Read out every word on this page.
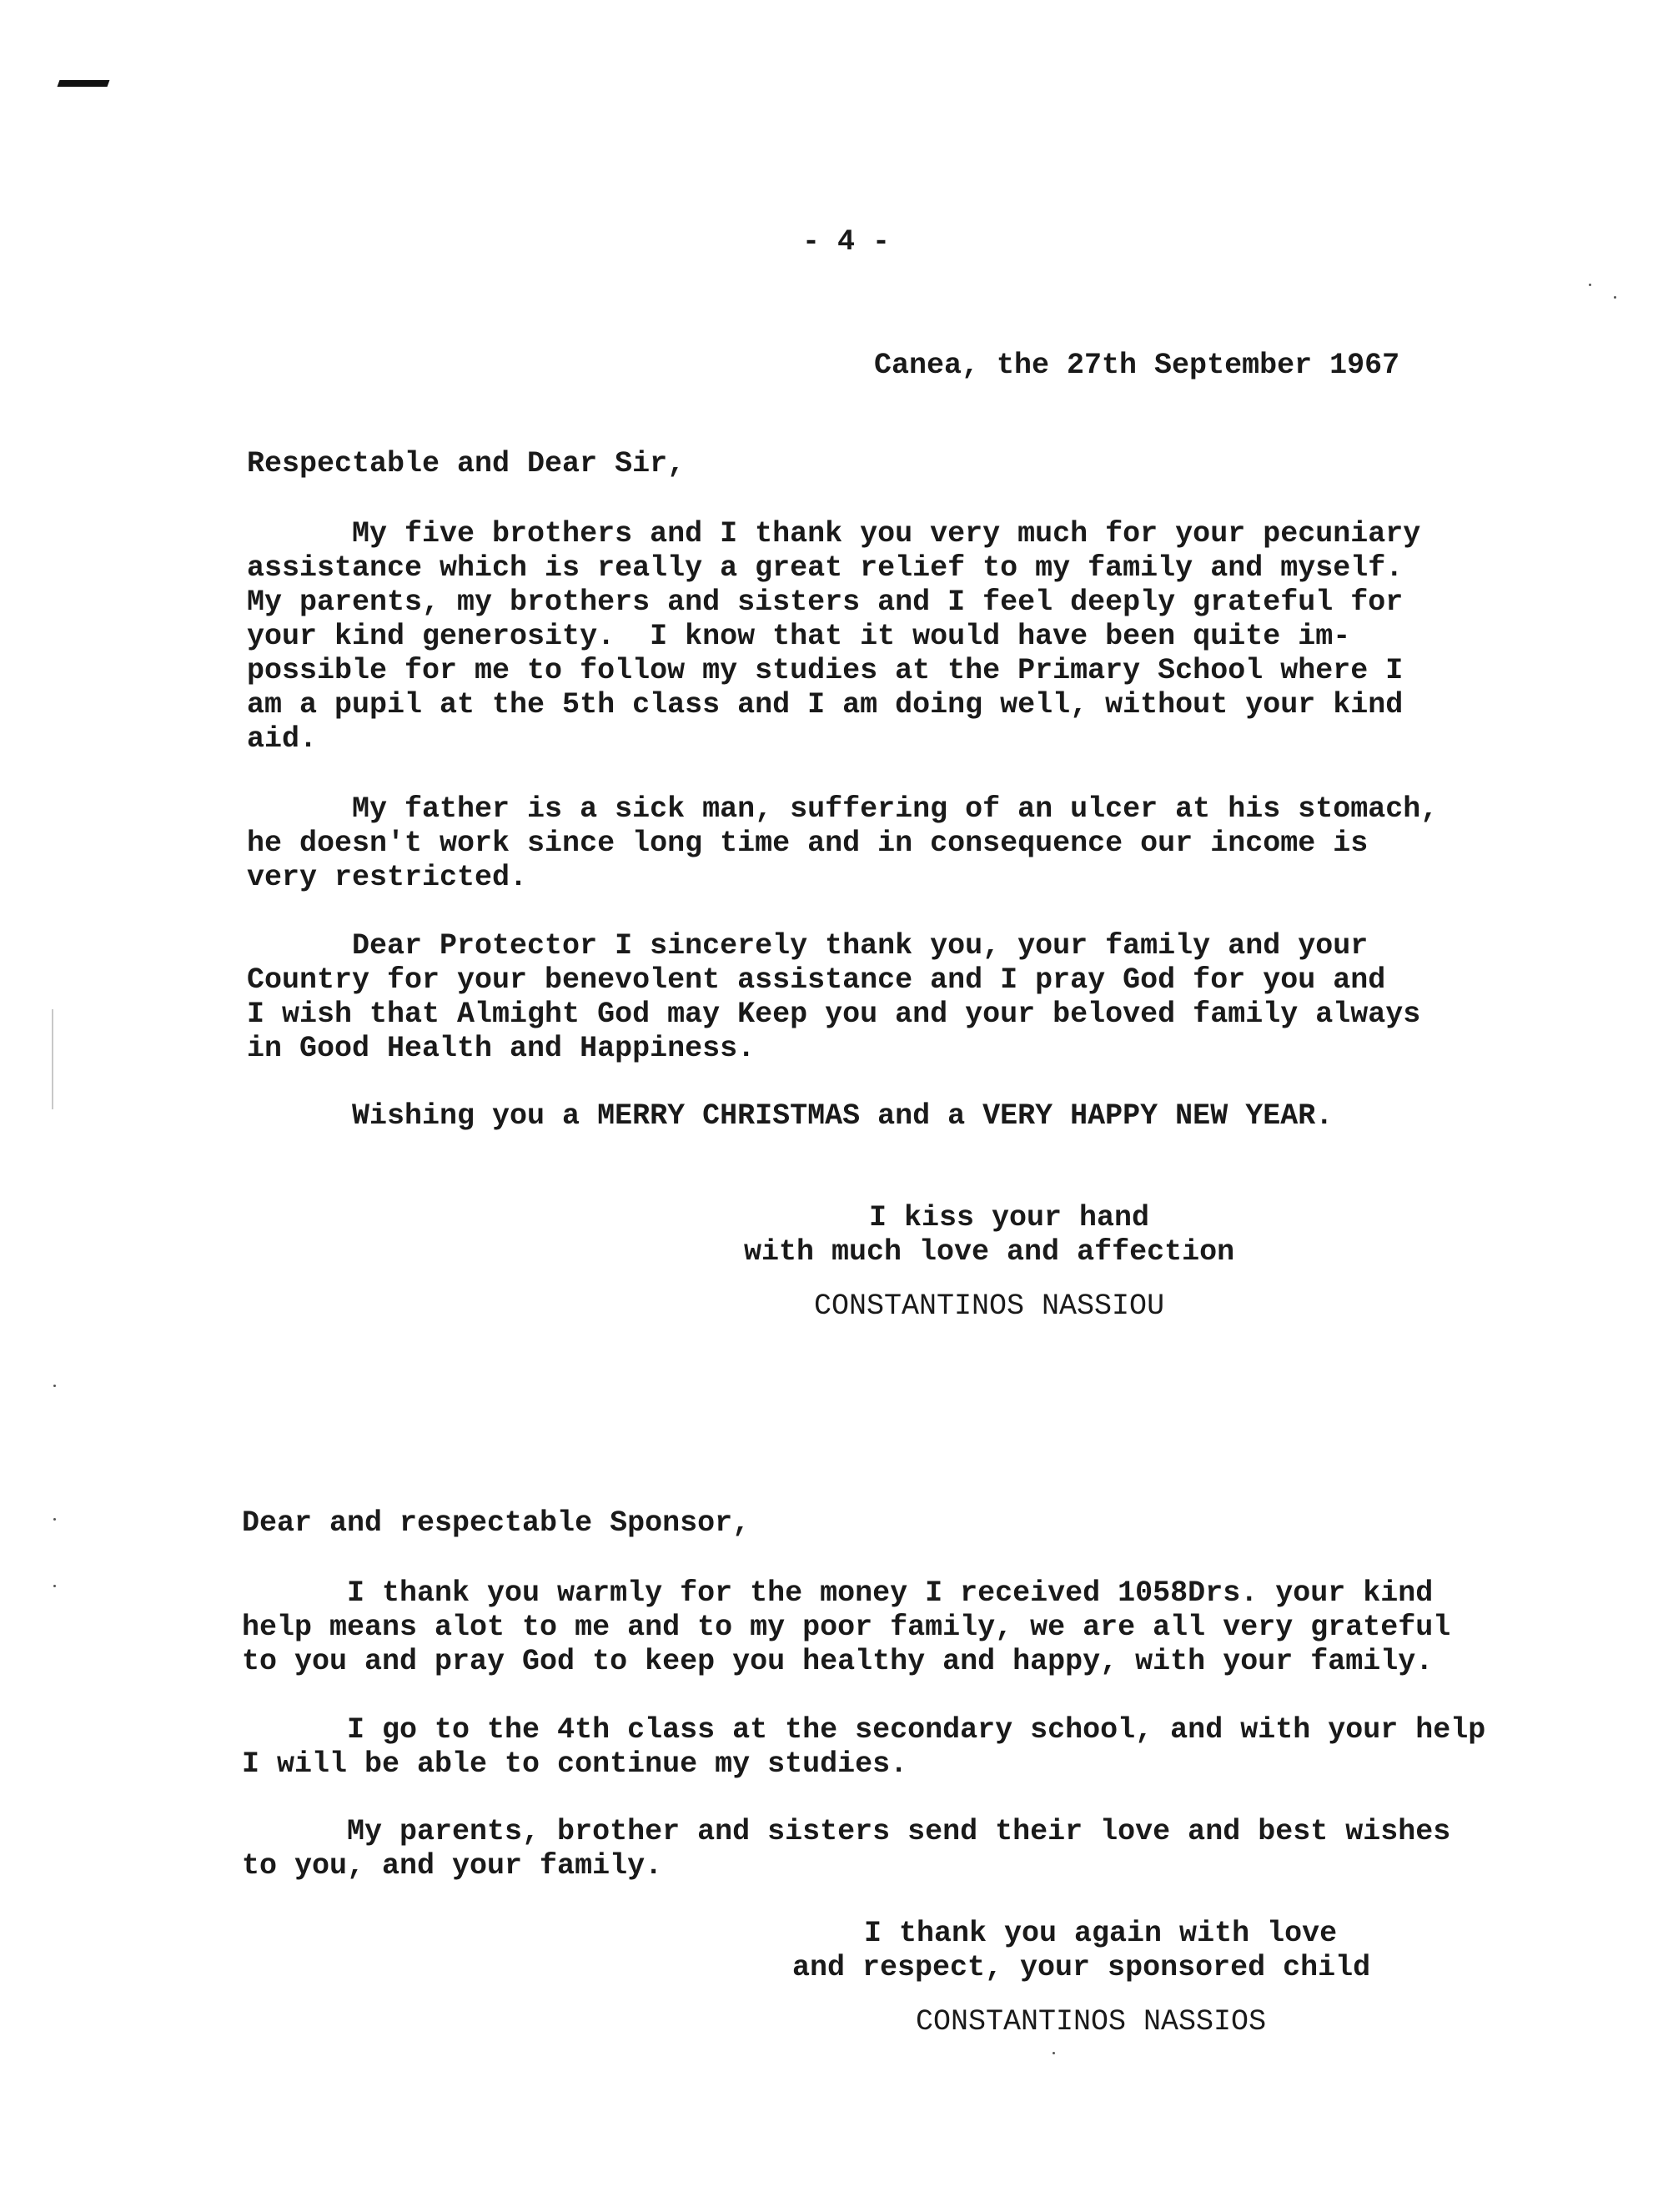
- 4 -
Canea, the 27th September 1967
Respectable and Dear Sir,
My five brothers and I thank you very much for your pecuniary
assistance which is really a great relief to my family and myself.
My parents, my brothers and sisters and I feel deeply grateful for
your kind generosity.  I know that it would have been quite im-
possible for me to follow my studies at the Primary School where I
am a pupil at the 5th class and I am doing well, without your kind
aid.
My father is a sick man, suffering of an ulcer at his stomach,
he doesn't work since long time and in consequence our income is
very restricted.
Dear Protector I sincerely thank you, your family and your
Country for your benevolent assistance and I pray God for you and
I wish that Almight God may Keep you and your beloved family always
in Good Health and Happiness.
Wishing you a MERRY CHRISTMAS and a VERY HAPPY NEW YEAR.
I kiss your hand
with much love and affection
CONSTANTINOS NASSIOU
Dear and respectable Sponsor,
I thank you warmly for the money I received 1058Drs. your kind
help means alot to me and to my poor family, we are all very grateful
to you and pray God to keep you healthy and happy, with your family.
I go to the 4th class at the secondary school, and with your help
I will be able to continue my studies.
My parents, brother and sisters send their love and best wishes
to you, and your family.
I thank you again with love
and respect, your sponsored child
CONSTANTINOS NASSIOS
